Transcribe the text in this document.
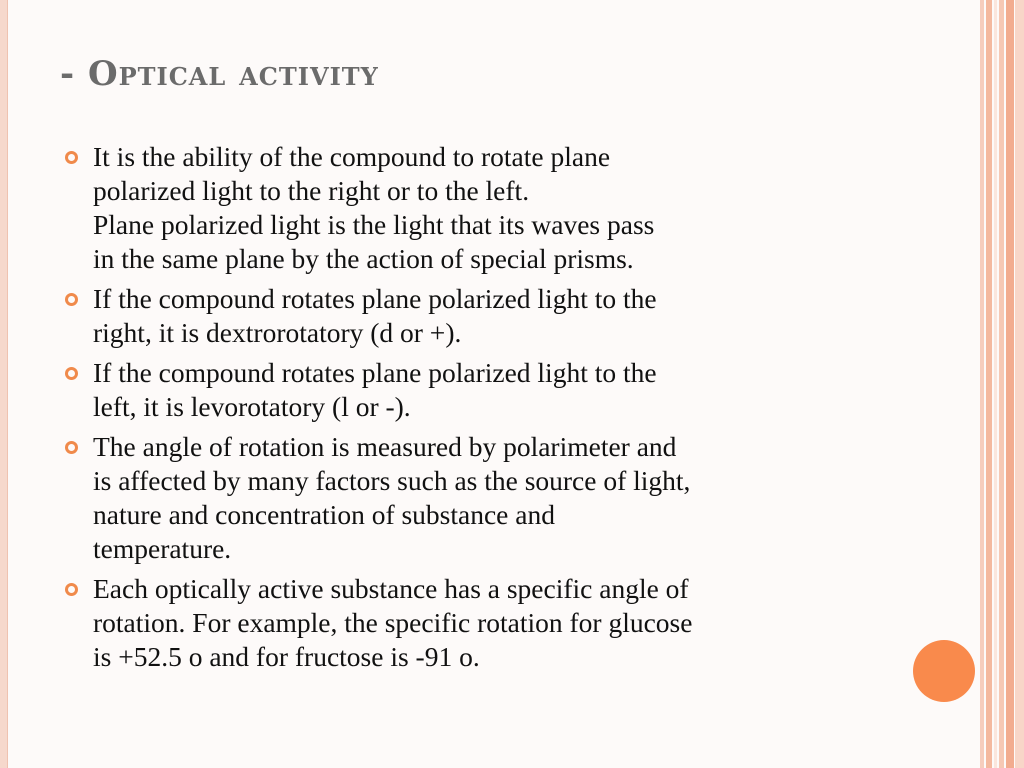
- Optical activity
It is the ability of the compound to rotate plane
polarized light to the right or to the left.
Plane polarized light is the light that its waves pass
in the same plane by the action of special prisms.
If the compound rotates plane polarized light to the
right, it is dextrorotatory (d or +).
If the compound rotates plane polarized light to the
left, it is levorotatory (l or -).
The angle of rotation is measured by polarimeter and
is affected by many factors such as the source of light,
nature and concentration of substance and
temperature.
Each optically active substance has a specific angle of
rotation. For example, the specific rotation for glucose
is +52.5 o and for fructose is -91 o.
